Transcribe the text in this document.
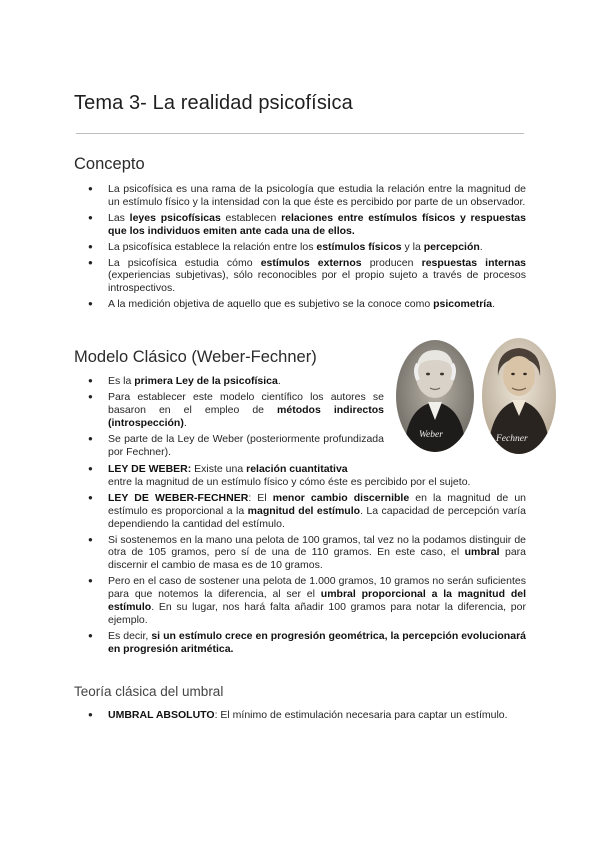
Tema 3- La realidad psicofísica
Concepto
● La psicofísica es una rama de la psicología que estudia la relación entre la magnitud de un estímulo físico y la intensidad con la que éste es percibido por parte de un observador.
● Las leyes psicofísicas establecen relaciones entre estímulos físicos y respuestas que los individuos emiten ante cada una de ellos.
● La psicofísica establece la relación entre los estímulos físicos y la percepción.
● La psicofísica estudia cómo estímulos externos producen respuestas internas (experiencias subjetivas), sólo reconocibles por el propio sujeto a través de procesos introspectivos.
● A la medición objetiva de aquello que es subjetivo se la conoce como psicometría.
Modelo Clásico (Weber-Fechner)
● Es la primera Ley de la psicofísica.
● Para establecer este modelo científico los autores se basaron en el empleo de métodos indirectos (introspección).
● Se parte de la Ley de Weber (posteriormente profundizada por Fechner).
Weber	Fechner
● LEY DE WEBER: Existe una relación cuantitativa
entre la magnitud de un estímulo físico y cómo éste es percibido por el sujeto.
● LEY DE WEBER-FECHNER: El menor cambio discernible en la magnitud de un estímulo es proporcional a la magnitud del estímulo. La capacidad de percepción varía dependiendo la cantidad del estímulo.
● Si sostenemos en la mano una pelota de 100 gramos, tal vez no la podamos distinguir de otra de 105 gramos, pero sí de una de 110 gramos. En este caso, el umbral para discernir el cambio de masa es de 10 gramos.
● Pero en el caso de sostener una pelota de 1.000 gramos, 10 gramos no serán suficientes para que notemos la diferencia, al ser el umbral proporcional a la magnitud del estímulo. En su lugar, nos hará falta añadir 100 gramos para notar la diferencia, por ejemplo.
● Es decir, si un estímulo crece en progresión geométrica, la percepción evolucionará en progresión aritmética.
Teoría clásica del umbral
● UMBRAL ABSOLUTO: El mínimo de estimulación necesaria para captar un estímulo.
